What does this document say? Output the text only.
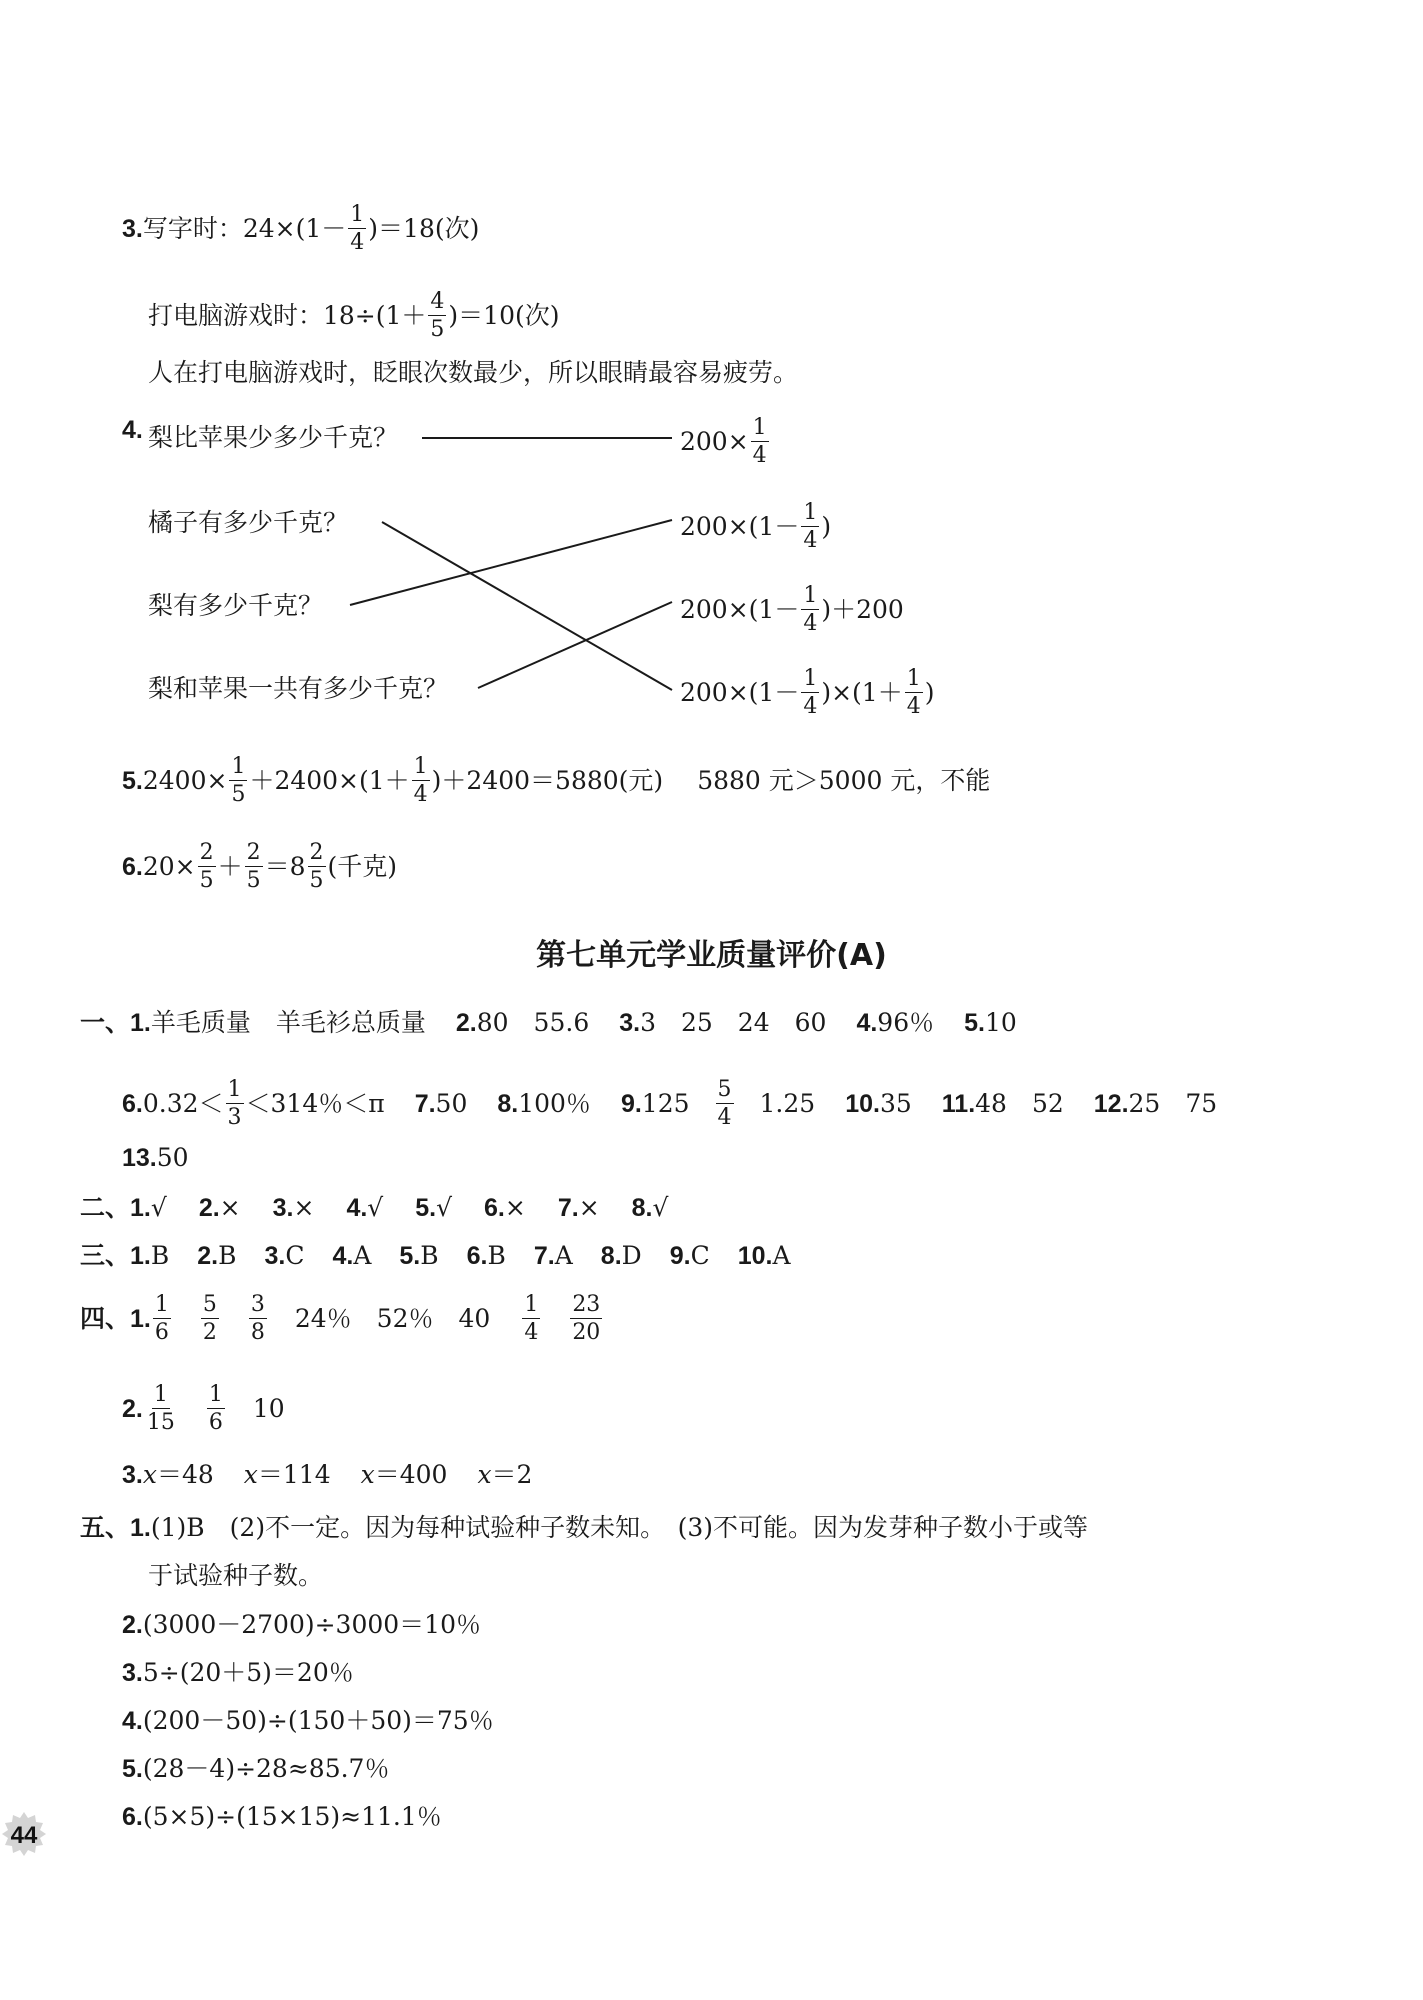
3.写字时：$24\times(1- \frac{1}{4} )=18$(次)
打电脑游戏时：$18\div(1+ \frac{4}{5} )=10$(次)
人在打电脑游戏时，眨眼次数最少，所以眼睛最容易疲劳。
4. 梨比苹果少多少千克？
橘子有多少千克？
梨有多少千克？
梨和苹果一共有多少千克？
$200\times \frac{1}{4}$
$200\times(1- \frac{1}{4}$ )
$200\times(1- \frac{1}{4} )+200$
$200\times(1- \frac{1}{4} )\times(1+ \frac{1}{4}$ )
$5.2400\times \frac{1}{5} +2400\times(1+ \frac{1}{4} )+2400=5880$(元) 5880 元＞5000 元，不能
$6.20\times \frac{2}{5} + \frac{2}{5} =8 \frac{2}{5}$ (千克)
第七单元学业质量评价(A)
一、1.羊毛质量　羊毛衫总质量 2.80　55.6 3.3　25　24　60 4.96％ 5.10
$6.0.32< \frac{1}{3} <314$％＜π 7.50 8.100％ $9.125 \frac{5}{4} 1.25$ 10.35 11.48　52 12.25　75
13.50
二、1.√ 2.× 3.× 4.√ 5.√ 6.× 7.× 8.√
三、1.B 2.B 3.C 4.A 5.B 6.B 7.A 8.D 9.C 10.A
四、1. $\frac{1}{6} \frac{5}{2} \frac{3}{8} 24$％　52％　$40 \frac{1}{4} \frac{23}{20}$
2. $\frac{1}{15} \frac{1}{6} 10$
3.x＝48 x＝114 x＝400 x＝2
五、1.(1)B　(2)不一定。因为每种试验种子数未知。　(3)不可能。因为发芽种子数小于或等
于试验种子数。
2.(3000－2700)÷3000＝10％
3.5÷(20＋5)＝20％
4.(200－50)÷(150＋50)＝75％
5.(28－4)÷28≈85.7％
6.(5×5)÷(15×15)≈11.1％
44
